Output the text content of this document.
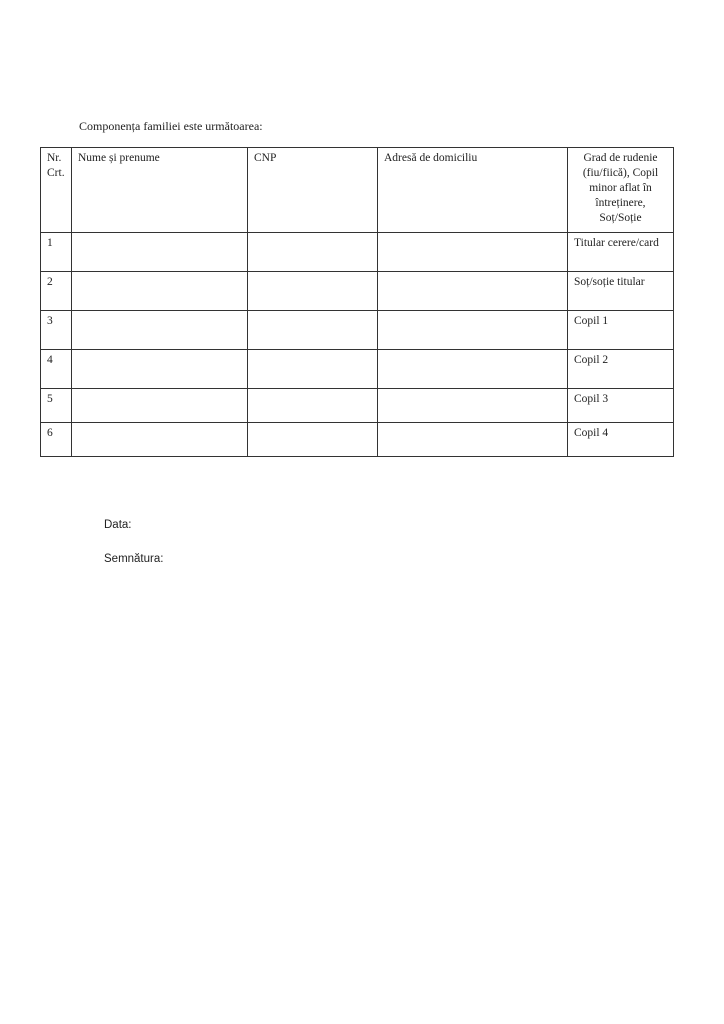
Componența familiei este următoarea:

Nr. Crt.	Nume și prenume	CNP	Adresă de domiciliu	Grad de rudenie (fiu/fiică), Copil minor aflat în întreținere, Soț/Soție
1				Titular cerere/card
2				Soț/soție titular
3				Copil 1
4				Copil 2
5				Copil 3
6				Copil 4

Data:

Semnătura:
